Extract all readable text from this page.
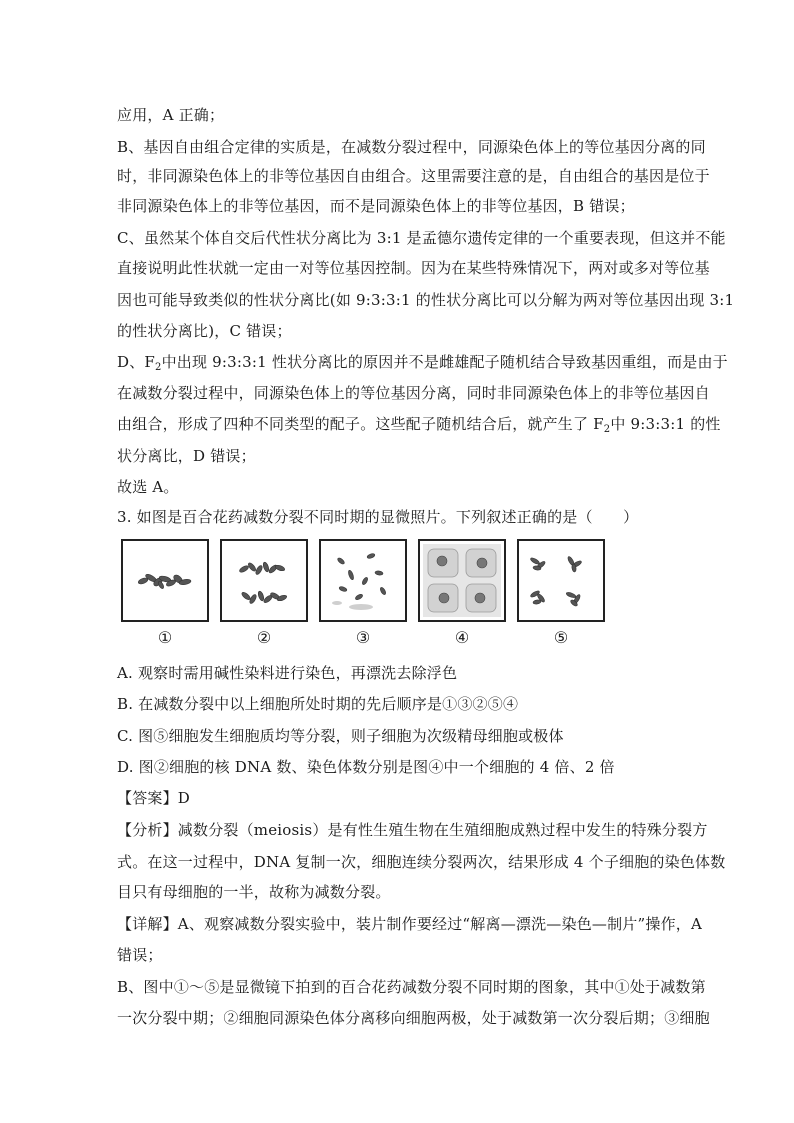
应用，A 正确；
B、基因自由组合定律的实质是，在减数分裂过程中，同源染色体上的等位基因分离的同
时，非同源染色体上的非等位基因自由组合。这里需要注意的是，自由组合的基因是位于
非同源染色体上的非等位基因，而不是同源染色体上的非等位基因，B 错误；
C、虽然某个体自交后代性状分离比为 3:1 是孟德尔遗传定律的一个重要表现，但这并不能
直接说明此性状就一定由一对等位基因控制。因为在某些特殊情况下，两对或多对等位基
因也可能导致类似的性状分离比(如 9:3:3:1 的性状分离比可以分解为两对等位基因出现 3:1
的性状分离比)，C 错误；
D、$F_2$中出现 9:3:3:1 性状分离比的原因并不是雌雄配子随机结合导致基因重组，而是由于
在减数分裂过程中，同源染色体上的等位基因分离，同时非同源染色体上的非等位基因自
由组合，形成了四种不同类型的配子。这些配子随机结合后，就产生了 $F_2$中 9:3:3:1 的性
状分离比，D 错误；
故选 A。
3. 如图是百合花药减数分裂不同时期的显微照片。下列叙述正确的是（　　）
①	②	③	④	⑤
A. 观察时需用碱性染料进行染色，再漂洗去除浮色
B. 在减数分裂中以上细胞所处时期的先后顺序是①③②⑤④
C. 图⑤细胞发生细胞质均等分裂，则子细胞为次级精母细胞或极体
D. 图②细胞的核 DNA 数、染色体数分别是图④中一个细胞的 4 倍、2 倍
【答案】D
【分析】减数分裂（meiosis）是有性生殖生物在生殖细胞成熟过程中发生的特殊分裂方
式。在这一过程中，DNA 复制一次，细胞连续分裂两次，结果形成 4 个子细胞的染色体数
目只有母细胞的一半，故称为减数分裂。
【详解】A、观察减数分裂实验中，装片制作要经过“解离—漂洗—染色—制片”操作，A
错误；
B、图中①～⑤是显微镜下拍到的百合花药减数分裂不同时期的图象，其中①处于减数第
一次分裂中期；②细胞同源染色体分离移向细胞两极，处于减数第一次分裂后期；③细胞
